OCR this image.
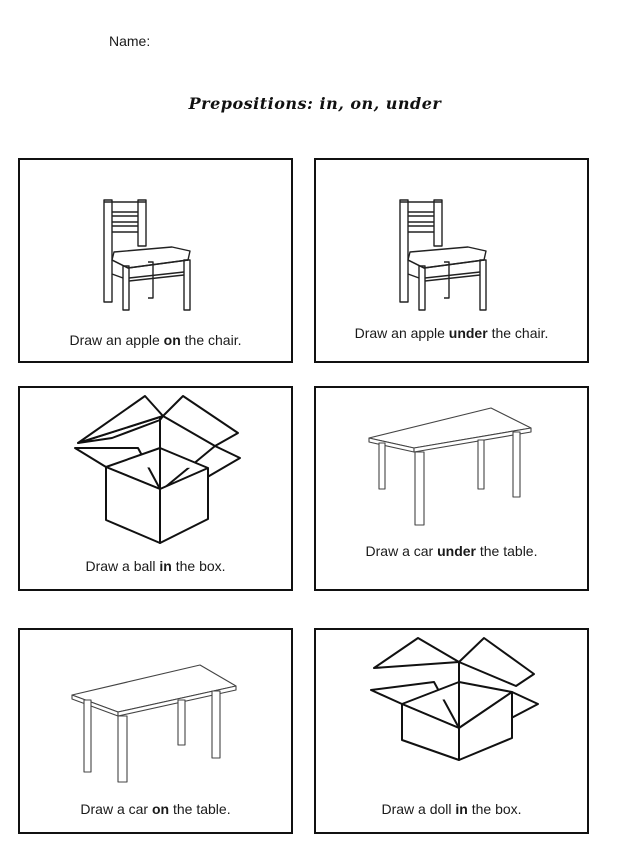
Name:
Prepositions: in, on, under
Draw an apple on the chair.	Draw an apple under the chair.
Draw a ball in the box.
Draw a car under the table.
Draw a car on the table.	Draw a doll in the box.
